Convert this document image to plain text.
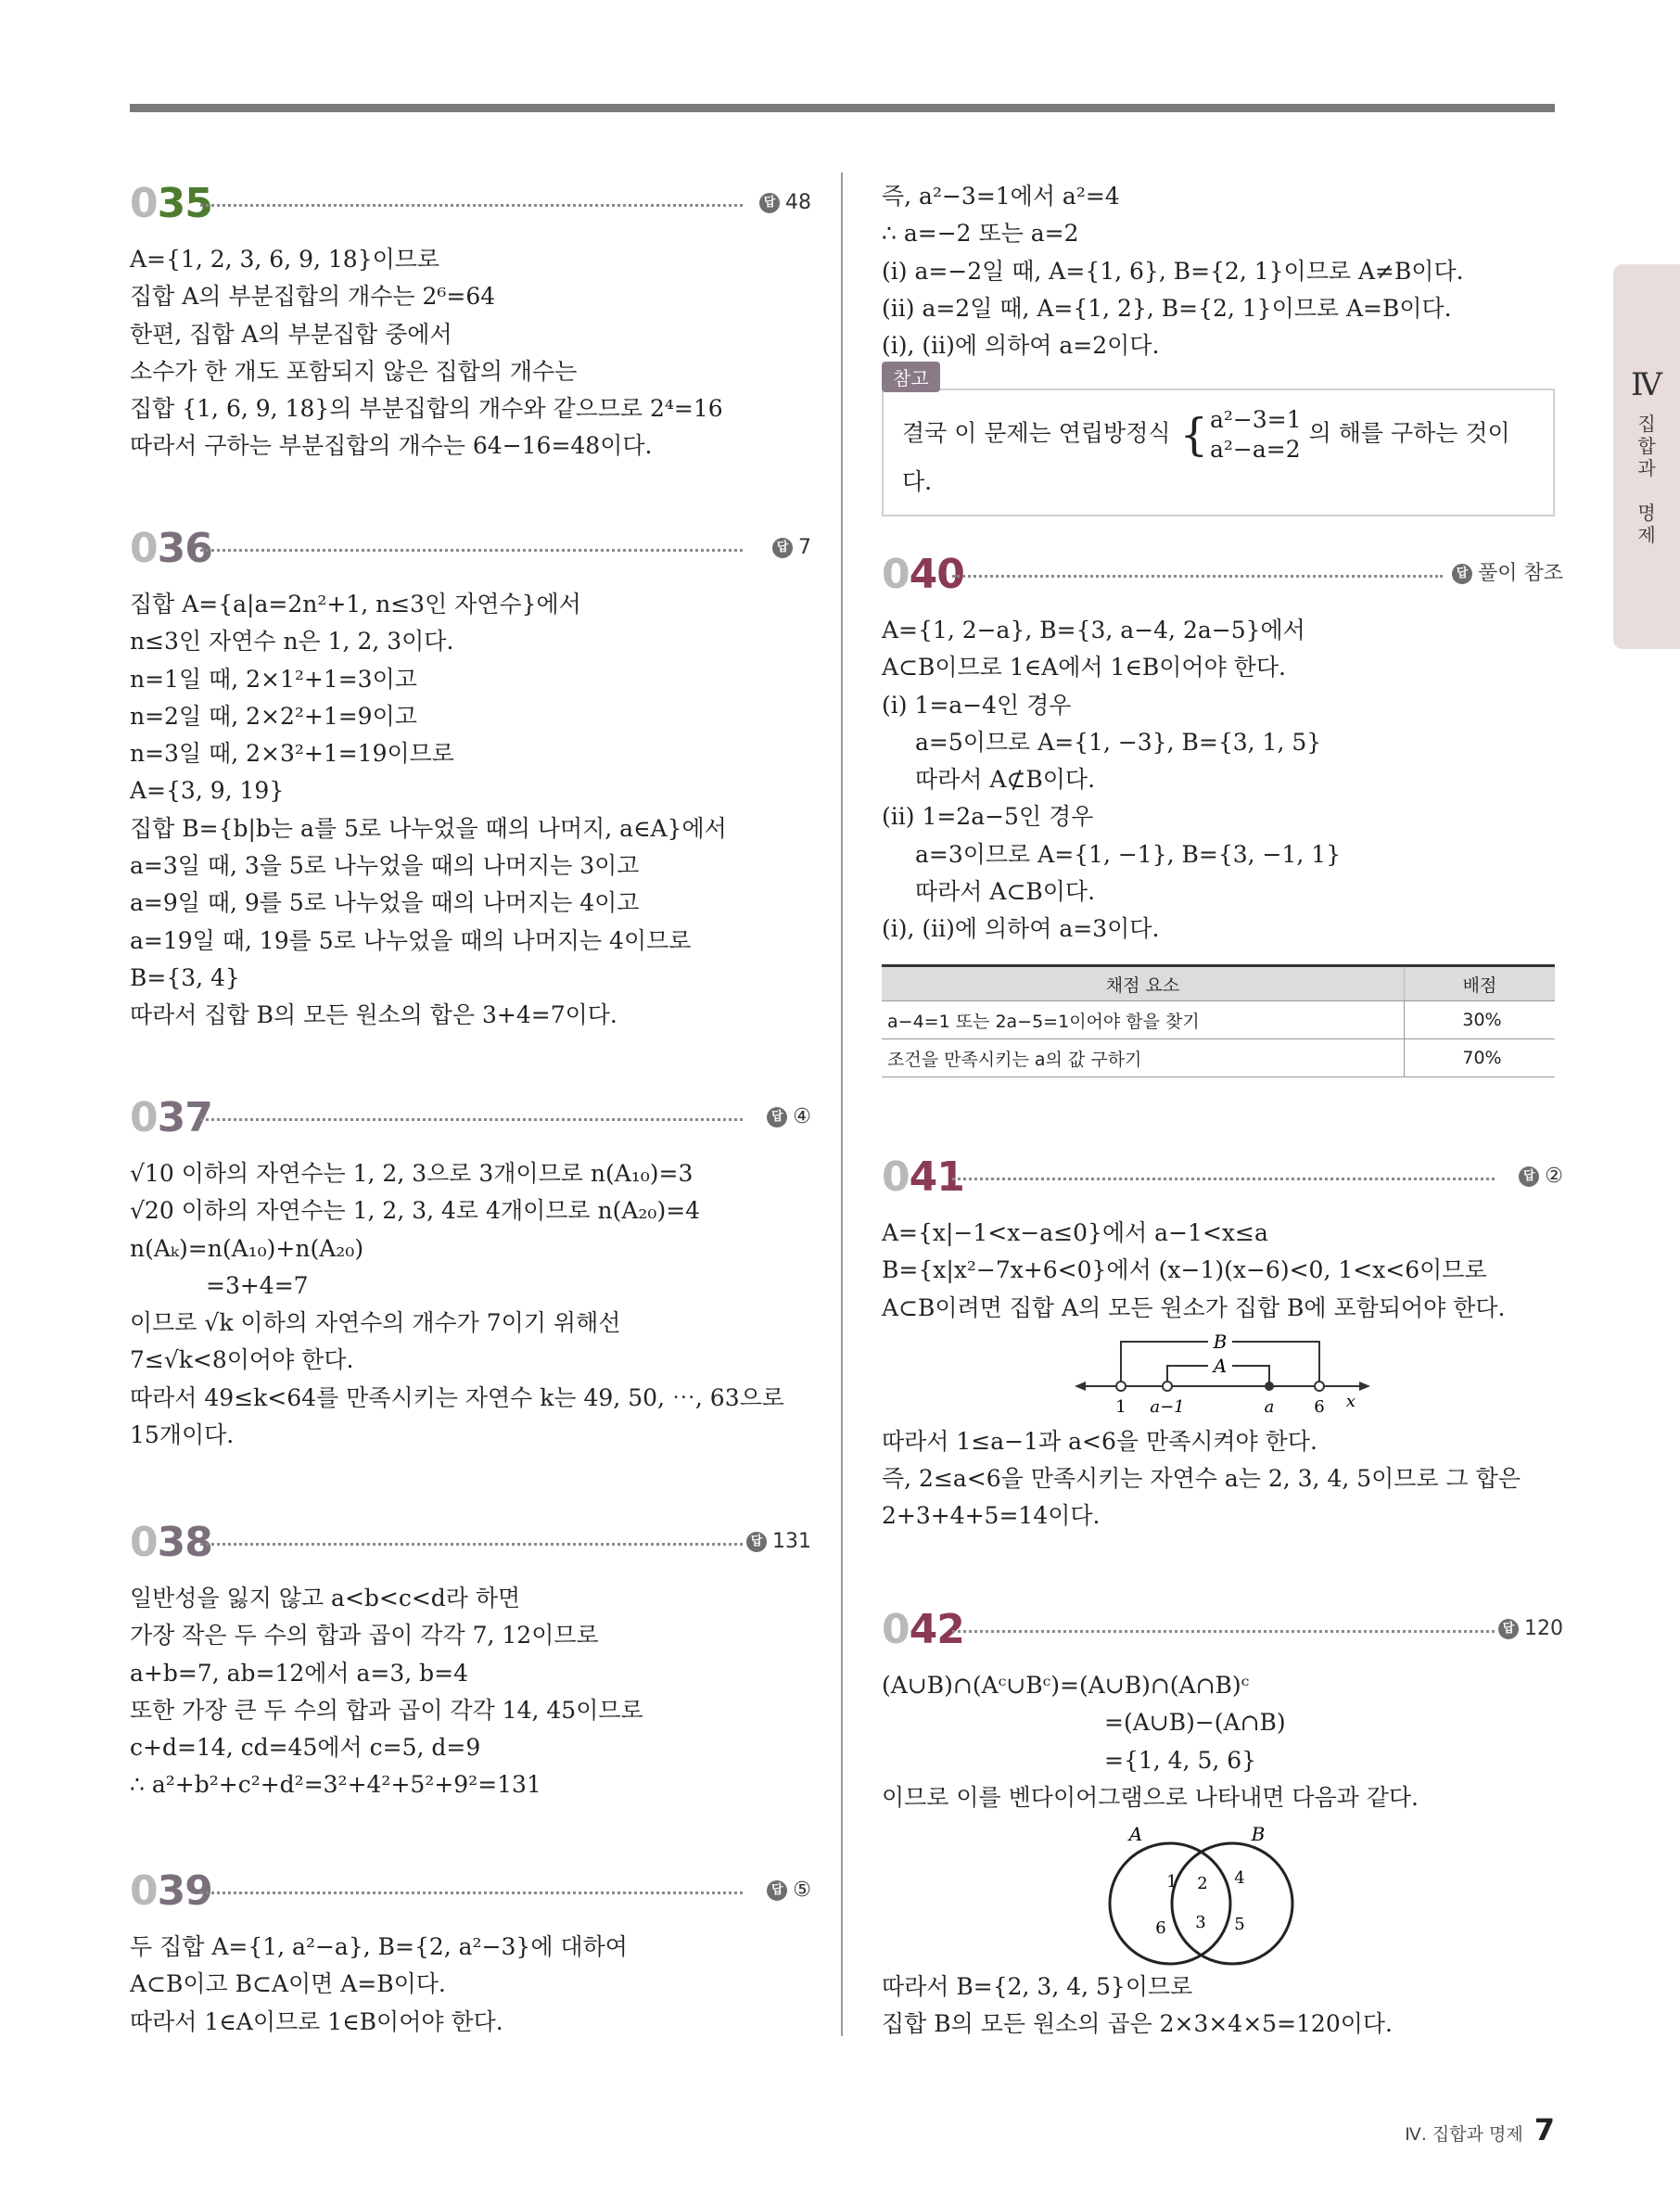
035	답 48
A={1, 2, 3, 6, 9, 18}이므로
집합 A의 부분집합의 개수는 2⁶=64
한편, 집합 A의 부분집합 중에서
소수가 한 개도 포함되지 않은 집합의 개수는
집합 {1, 6, 9, 18}의 부분집합의 개수와 같으므로 2⁴=16
따라서 구하는 부분집합의 개수는 64−16=48이다.
036	답 7
집합 A={a|a=2n²+1, n≤3인 자연수}에서
n≤3인 자연수 n은 1, 2, 3이다.
n=1일 때, 2×1²+1=3이고
n=2일 때, 2×2²+1=9이고
n=3일 때, 2×3²+1=19이므로
A={3, 9, 19}
집합 B={b|b는 a를 5로 나누었을 때의 나머지, a∈A}에서
a=3일 때, 3을 5로 나누었을 때의 나머지는 3이고
a=9일 때, 9를 5로 나누었을 때의 나머지는 4이고
a=19일 때, 19를 5로 나누었을 때의 나머지는 4이므로
B={3, 4}
따라서 집합 B의 모든 원소의 합은 3+4=7이다.
037	답 ④
√10 이하의 자연수는 1, 2, 3으로 3개이므로 n(A₁₀)=3
√20 이하의 자연수는 1, 2, 3, 4로 4개이므로 n(A₂₀)=4
n(Aₖ)=n(A₁₀)+n(A₂₀)
=3+4=7
이므로 √k 이하의 자연수의 개수가 7이기 위해선
7≤√k<8이어야 한다.
따라서 49≤k<64를 만족시키는 자연수 k는 49, 50, ⋯, 63으로
15개이다.
038	답 131
일반성을 잃지 않고 a<b<c<d라 하면
가장 작은 두 수의 합과 곱이 각각 7, 12이므로
a+b=7, ab=12에서 a=3, b=4
또한 가장 큰 두 수의 합과 곱이 각각 14, 45이므로
c+d=14, cd=45에서 c=5, d=9
∴ a²+b²+c²+d²=3²+4²+5²+9²=131
039	답 ⑤
두 집합 A={1, a²−a}, B={2, a²−3}에 대하여
A⊂B이고 B⊂A이면 A=B이다.
따라서 1∈A이므로 1∈B이어야 한다.
즉, a²−3=1에서 a²=4
∴ a=−2 또는 a=2
(ⅰ) a=−2일 때, A={1, 6}, B={2, 1}이므로 A≠B이다.
(ⅱ) a=2일 때, A={1, 2}, B={2, 1}이므로 A=B이다.
(ⅰ), (ⅱ)에 의하여 a=2이다.
참고
결국 이 문제는 연립방정식 { a²−3=1
a²−a=2
의 해를 구하는 것이다.
040	답 풀이 참조
A={1, 2−a}, B={3, a−4, 2a−5}에서
A⊂B이므로 1∈A에서 1∈B이어야 한다.
(ⅰ) 1=a−4인 경우
a=5이므로 A={1, −3}, B={3, 1, 5}
따라서 A⊄B이다.
(ⅱ) 1=2a−5인 경우
a=3이므로 A={1, −1}, B={3, −1, 1}
따라서 A⊂B이다.
(ⅰ), (ⅱ)에 의하여 a=3이다.
채점 요소	배점
a−4=1 또는 2a−5=1이어야 함을 찾기	30%
조건을 만족시키는 a의 값 구하기	70%
041	답 ②
A={x|−1<x−a≤0}에서 a−1<x≤a
B={x|x²−7x+6<0}에서 (x−1)(x−6)<0, 1<x<6이므로
A⊂B이려면 집합 A의 모든 원소가 집합 B에 포함되어야 한다.
B
A
1 a−1	a 6 x
따라서 1≤a−1과 a<6을 만족시켜야 한다.
즉, 2≤a<6을 만족시키는 자연수 a는 2, 3, 4, 5이므로 그 합은
2+3+4+5=14이다.
042	답 120
(A∪B)∩(Aᶜ∪Bᶜ)=(A∪B)∩(A∩B)ᶜ
=(A∪B)−(A∩B)
={1, 4, 5, 6}
이므로 이를 벤다이어그램으로 나타내면 다음과 같다.
A	B
1
6
2
3
4
5
따라서 B={2, 3, 4, 5}이므로
집합 B의 모든 원소의 곱은 2×3×4×5=120이다.
Ⅳ
집
합
과

명
제
Ⅳ. 집합과 명제 7
